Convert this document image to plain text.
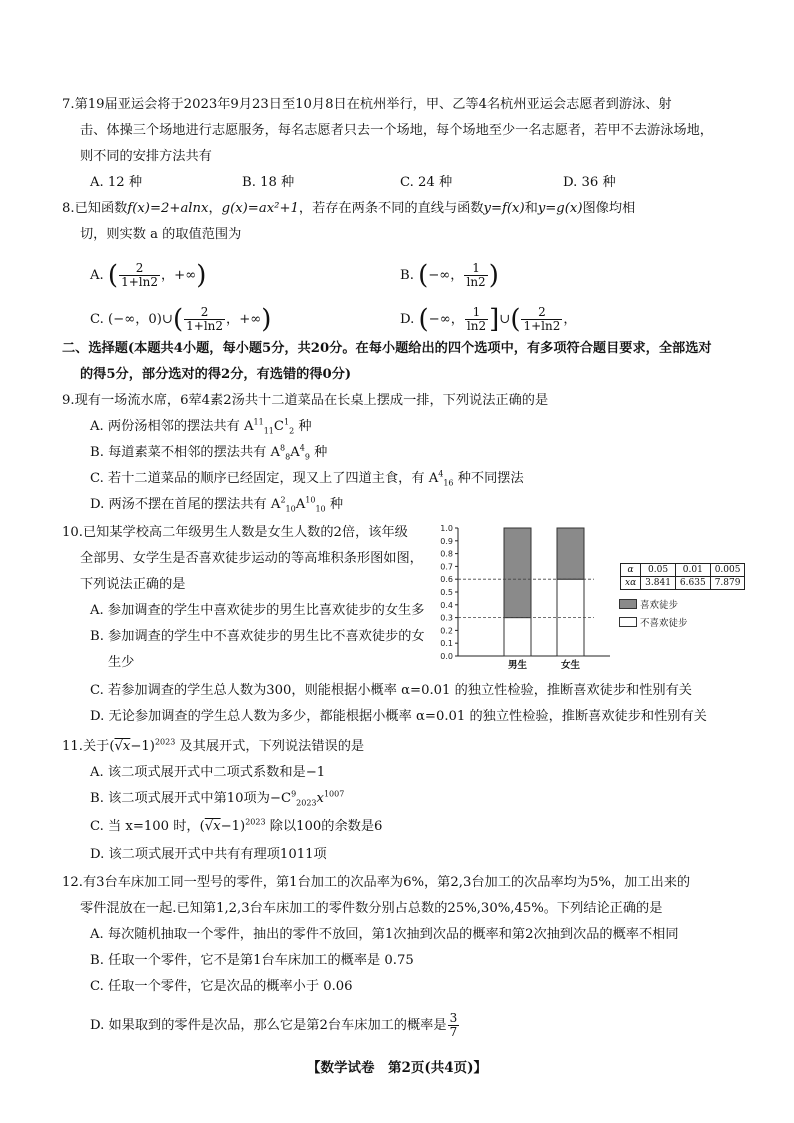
7.第19届亚运会将于2023年9月23日至10月8日在杭州举行，甲、乙等4名杭州亚运会志愿者到游泳、射
击、体操三个场地进行志愿服务，每名志愿者只去一个场地，每个场地至少一名志愿者，若甲不去游泳场地，
则不同的安排方法共有
A. 12 种	B. 18 种	C. 24 种	D. 36 种
8.已知函数f(x)=2+alnx，g(x)=ax²+1，若存在两条不同的直线与函数y=f(x)和y=g(x)图像均相
切，则实数 a 的取值范围为
A. ( $\frac{2}{1+\ln 2}$ ，+∞)	B. (−∞， $\frac{1}{\ln 2}$ )
C. (−∞，0)∪( $\frac{2}{1+\ln 2}$ ，+∞)	D. (−∞， $\frac{1}{\ln 2}$ ]∪( $\frac{2}{1+\ln 2}$ ，
二、选择题(本题共4小题，每小题5分，共20分。在每小题给出的四个选项中，有多项符合题目要求，全部选对
的得5分，部分选对的得2分，有选错的得0分)
9.现有一场流水席，6荤4素2汤共十二道菜品在长桌上摆成一排，下列说法正确的是
A. 两份汤相邻的摆法共有 $A^{11}_{11}C^1_2$ 种
B. 每道素菜不相邻的摆法共有 $A^8_8A^4_9$ 种
C. 若十二道菜品的顺序已经固定，现又上了四道主食，有 $A^4_{16}$ 种不同摆法
D. 两汤不摆在首尾的摆法共有 $A^2_{10}A^{10}_{10}$ 种
10.已知某学校高二年级男生人数是女生人数的2倍，该年级
全部男、女学生是否喜欢徒步运动的等高堆积条形图如图，
下列说法正确的是
A. 参加调查的学生中喜欢徒步的男生比喜欢徒步的女生多
B. 参加调查的学生中不喜欢徒步的男生比不喜欢徒步的女
生少
C. 若参加调查的学生总人数为300，则能根据小概率 α=0.01 的独立性检验，推断喜欢徒步和性别有关
D. 无论参加调查的学生总人数为多少，都能根据小概率 α=0.01 的独立性检验，推断喜欢徒步和性别有关
0.0
0.1
0.2
0.3
0.4
0.5
0.6
0.7
0.8
0.9
1.0
男生	女生
α	0.05	0.01	0.005
xα	3.841	6.635	7.879
喜欢徒步
不喜欢徒步
11.关于$(√x-1)^{2023}$ 及其展开式，下列说法错误的是
A. 该二项式展开式中二项式系数和是−1
B. 该二项式展开式中第10项为$-C^9_{2023}x^{1007}$
C. 当 x=100 时，$(√x-1)^{2023}$ 除以100的余数是6
D. 该二项式展开式中共有有理项1011项
12.有3台车床加工同一型号的零件，第1台加工的次品率为6%，第2,3台加工的次品率均为5%，加工出来的
零件混放在一起.已知第1,2,3台车床加工的零件数分别占总数的25%,30%,45%。下列结论正确的是
A. 每次随机抽取一个零件，抽出的零件不放回，第1次抽到次品的概率和第2次抽到次品的概率不相同
B. 任取一个零件，它不是第1台车床加工的概率是 0.75
C. 任取一个零件，它是次品的概率小于 0.06
D. 如果取到的零件是次品，那么它是第2台车床加工的概率是 $\frac{3}{7}$
【数学试卷　第2页(共4页)】
